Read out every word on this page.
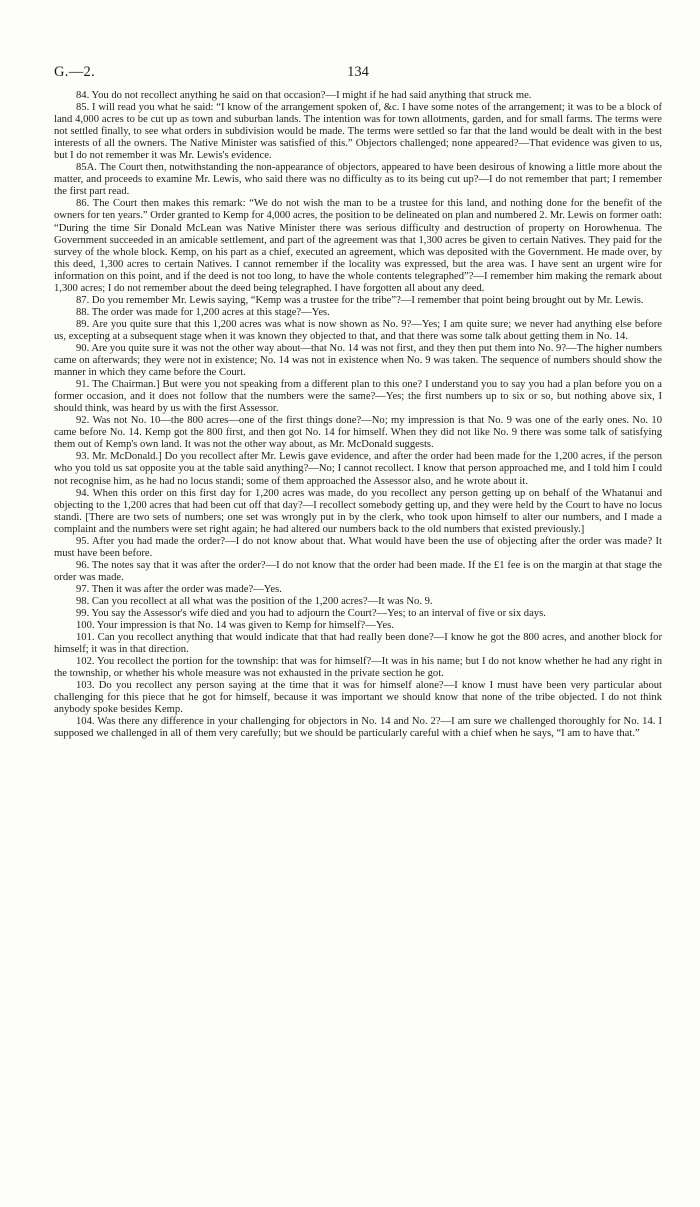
G.—2.	134

84. You do not recollect anything he said on that occasion?—I might if he had said anything that struck me.

85. I will read you what he said: “I know of the arrangement spoken of, &c. I have some notes of the arrangement; it was to be a block of land 4,000 acres to be cut up as town and suburban lands. The intention was for town allotments, garden, and for small farms. The terms were not settled finally, to see what orders in subdivision would be made. The terms were settled so far that the land would be dealt with in the best interests of all the owners. The Native Minister was satisfied of this.” Objectors challenged; none appeared?—That evidence was given to us, but I do not remember it was Mr. Lewis's evidence.

85A. The Court then, notwithstanding the non-appearance of objectors, appeared to have been desirous of knowing a little more about the matter, and proceeds to examine Mr. Lewis, who said there was no difficulty as to its being cut up?—I do not remember that part; I remember the first part read.

86. The Court then makes this remark: “We do not wish the man to be a trustee for this land, and nothing done for the benefit of the owners for ten years.” Order granted to Kemp for 4,000 acres, the position to be delineated on plan and numbered 2. Mr. Lewis on former oath: “During the time Sir Donald McLean was Native Minister there was serious difficulty and destruction of property on Horowhenua. The Government succeeded in an amicable settlement, and part of the agreement was that 1,300 acres be given to certain Natives. They paid for the survey of the whole block. Kemp, on his part as a chief, executed an agreement, which was deposited with the Government. He made over, by this deed, 1,300 acres to certain Natives. I cannot remember if the locality was expressed, but the area was. I have sent an urgent wire for information on this point, and if the deed is not too long, to have the whole contents telegraphed”?—I remember him making the remark about 1,300 acres; I do not remember about the deed being telegraphed. I have forgotten all about any deed.

87. Do you remember Mr. Lewis saying, “Kemp was a trustee for the tribe”?—I remember that point being brought out by Mr. Lewis.

88. The order was made for 1,200 acres at this stage?—Yes.

89. Are you quite sure that this 1,200 acres was what is now shown as No. 9?—Yes; I am quite sure; we never had anything else before us, excepting at a subsequent stage when it was known they objected to that, and that there was some talk about getting them in No. 14.

90. Are you quite sure it was not the other way about—that No. 14 was not first, and they then put them into No. 9?—The higher numbers came on afterwards; they were not in existence; No. 14 was not in existence when No. 9 was taken. The sequence of numbers should show the manner in which they came before the Court.

91. The Chairman.] But were you not speaking from a different plan to this one? I understand you to say you had a plan before you on a former occasion, and it does not follow that the numbers were the same?—Yes; the first numbers up to six or so, but nothing above six, I should think, was heard by us with the first Assessor.

92. Was not No. 10—the 800 acres—one of the first things done?—No; my impression is that No. 9 was one of the early ones. No. 10 came before No. 14. Kemp got the 800 first, and then got No. 14 for himself. When they did not like No. 9 there was some talk of satisfying them out of Kemp's own land. It was not the other way about, as Mr. McDonald suggests.

93. Mr. McDonald.] Do you recollect after Mr. Lewis gave evidence, and after the order had been made for the 1,200 acres, if the person who you told us sat opposite you at the table said anything?—No; I cannot recollect. I know that person approached me, and I told him I could not recognise him, as he had no locus standi; some of them approached the Assessor also, and he wrote about it.

94. When this order on this first day for 1,200 acres was made, do you recollect any person getting up on behalf of the Whatanui and objecting to the 1,200 acres that had been cut off that day?—I recollect somebody getting up, and they were held by the Court to have no locus standi. [There are two sets of numbers; one set was wrongly put in by the clerk, who took upon himself to alter our numbers, and I made a complaint and the numbers were set right again; he had altered our numbers back to the old numbers that existed previously.]

95. After you had made the order?—I do not know about that. What would have been the use of objecting after the order was made? It must have been before.

96. The notes say that it was after the order?—I do not know that the order had been made. If the £1 fee is on the margin at that stage the order was made.

97. Then it was after the order was made?—Yes.

98. Can you recollect at all what was the position of the 1,200 acres?—It was No. 9.

99. You say the Assessor's wife died and you had to adjourn the Court?—Yes; to an interval of five or six days.

100. Your impression is that No. 14 was given to Kemp for himself?—Yes.

101. Can you recollect anything that would indicate that that had really been done?—I know he got the 800 acres, and another block for himself; it was in that direction.

102. You recollect the portion for the township: that was for himself?—It was in his name; but I do not know whether he had any right in the township, or whether his whole measure was not exhausted in the private section he got.

103. Do you recollect any person saying at the time that it was for himself alone?—I know I must have been very particular about challenging for this piece that he got for himself, because it was important we should know that none of the tribe objected. I do not think anybody spoke besides Kemp.

104. Was there any difference in your challenging for objectors in No. 14 and No. 2?—I am sure we challenged thoroughly for No. 14. I supposed we challenged in all of them very carefully; but we should be particularly careful with a chief when he says, “I am to have that.”
